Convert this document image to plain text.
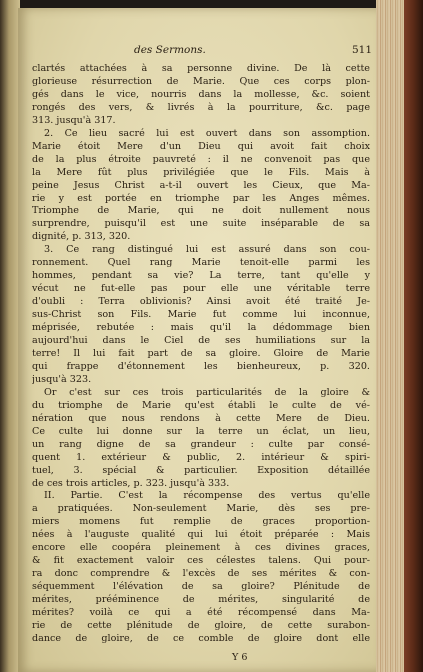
des Sermons.	511
clartés attachées à sa personne divine. De là cette
glorieuse résurrection de Marie. Que ces corps plon-
gés dans le vice, nourris dans la mollesse, &c. soient
rongés des vers, & livrés à la pourriture, &c. page
313. jusqu'à 317.
2. Ce lieu sacré lui est ouvert dans son assomption.
Marie étoit Mere d'un Dieu qui avoit fait choix
de la plus étroite pauvreté : il ne convenoit pas que
la Mere fût plus privilégiée que le Fils. Mais à
peine Jesus Christ a-t-il ouvert les Cieux, que Ma-
rie y est portée en triomphe par les Anges mêmes.
Triomphe de Marie, qui ne doit nullement nous
surprendre, puisqu'il est une suite inséparable de sa
dignité, p. 313, 320.
3. Ce rang distingué lui est assuré dans son cou-
ronnement. Quel rang Marie tenoit-elle parmi les
hommes, pendant sa vie? La terre, tant qu'elle y
vécut ne fut-elle pas pour elle une véritable terre
d'oubli : Terra oblivionis? Ainsi avoit été traité Je-
sus-Christ son Fils. Marie fut comme lui inconnue,
méprisée, rebutée : mais qu'il la dédommage bien
aujourd'hui dans le Ciel de ses humiliations sur la
terre! Il lui fait part de sa gloire. Gloire de Marie
qui frappe d'étonnement les bienheureux, p. 320.
jusqu'à 323.
Or c'est sur ces trois particularités de la gloire &
du triomphe de Marie qu'est établi le culte de vé-
nération que nous rendons à cette Mere de Dieu.
Ce culte lui donne sur la terre un éclat, un lieu,
un rang digne de sa grandeur : culte par consé-
quent 1. extérieur & public, 2. intérieur & spiri-
tuel, 3. spécial & particulier. Exposition détaillée
de ces trois articles, p. 323. jusqu'à 333.
II. Partie. C'est la récompense des vertus qu'elle
a pratiquées. Non-seulement Marie, dès ses pre-
miers momens fut remplie de graces proportion-
nées à l'auguste qualité qui lui étoit préparée : Mais
encore elle coopéra pleinement à ces divines graces,
& fit exactement valoir ces célestes talens. Qui pour-
ra donc comprendre & l'excès de ses mérites & con-
séquemment l'élévation de sa gloire? Plénitude de
mérites, prééminence de mérites, singularité de
mérites? voilà ce qui a été récompensé dans Ma-
rie de cette plénitude de gloire, de cette surabon-
dance de gloire, de ce comble de gloire dont elle
Y 6
